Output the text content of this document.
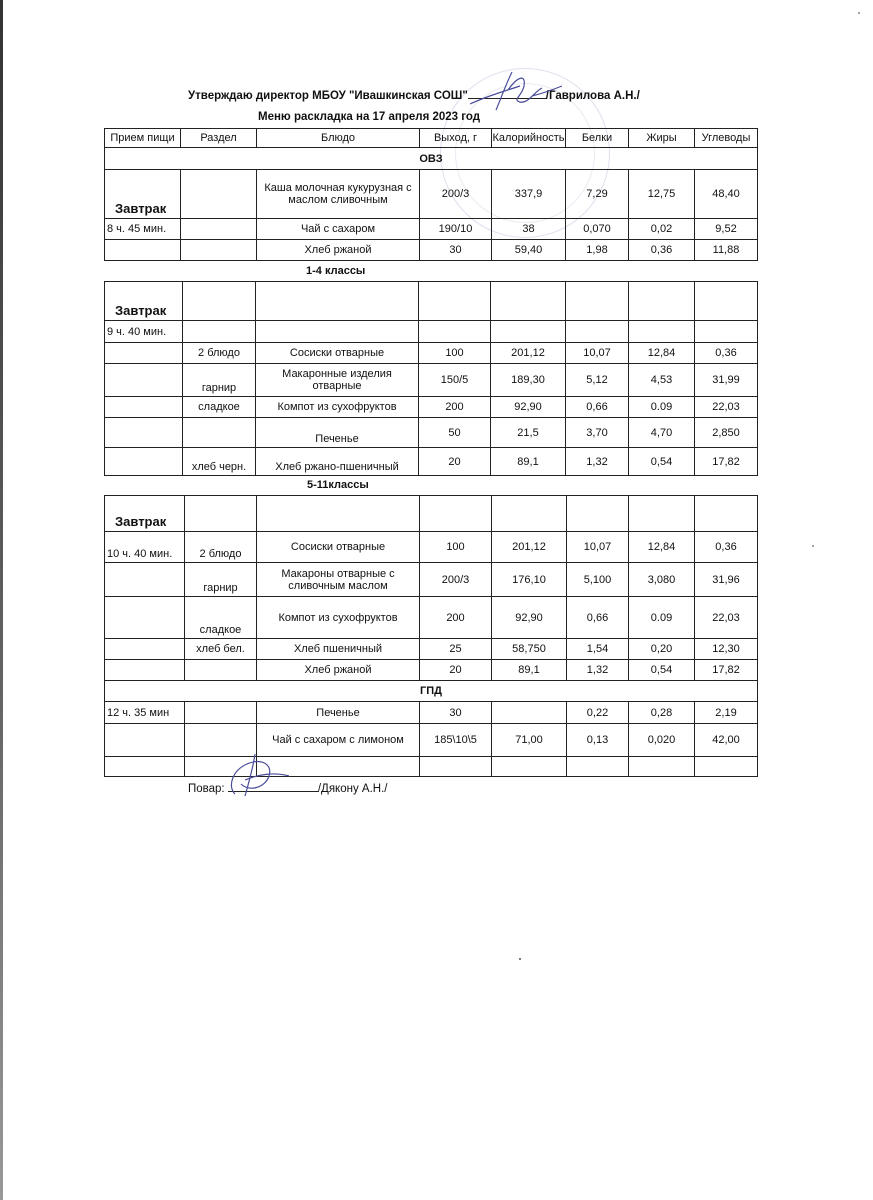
Утверждаю директор МБОУ "Ивашкинская СОШ"	/Гаврилова А.Н./
Меню раскладка на 17 апреля 2023 год
Прием пищи	Раздел	Блюдо	Выход, г	Калорийность	Белки	Жиры	Углеводы
ОВЗ							
Завтрак		Каша молочная кукурузная с маслом сливочным	200/3	337,9	7,29	12,75	48,40
8 ч. 45 мин.		Чай с сахаром	190/10	38	0,070	0,02	9,52
		Хлеб ржаной	30	59,40	1,98	0,36	11,88
1-4 классы
Завтрак							
9 ч. 40 мин.							
	2 блюдо	Сосиски отварные	100	201,12	10,07	12,84	0,36
	гарнир	Макаронные изделия отварные	150/5	189,30	5,12	4,53	31,99
	сладкое	Компот из сухофруктов	200	92,90	0,66	0.09	22,03
		Печенье	50	21,5	3,70	4,70	2,850
	хлеб черн.	Хлеб ржано-пшеничный	20	89,1	1,32	0,54	17,82
5-11классы
Завтрак							
10 ч. 40 мин.	2 блюдо	Сосиски отварные	100	201,12	10,07	12,84	0,36
	гарнир	Макароны отварные с сливочным маслом	200/3	176,10	5,100	3,080	31,96
	сладкое	Компот из сухофруктов	200	92,90	0,66	0.09	22,03
	хлеб бел.	Хлеб пшеничный	25	58,750	1,54	0,20	12,30
		Хлеб ржаной	20	89,1	1,32	0,54	17,82
ГПД							
12 ч. 35 мин		Печенье	30		0,22	0,28	2,19
		Чай с сахаром с лимоном	185\10\5	71,00	0,13	0,020	42,00

Повар:	/Дякону А.Н./
